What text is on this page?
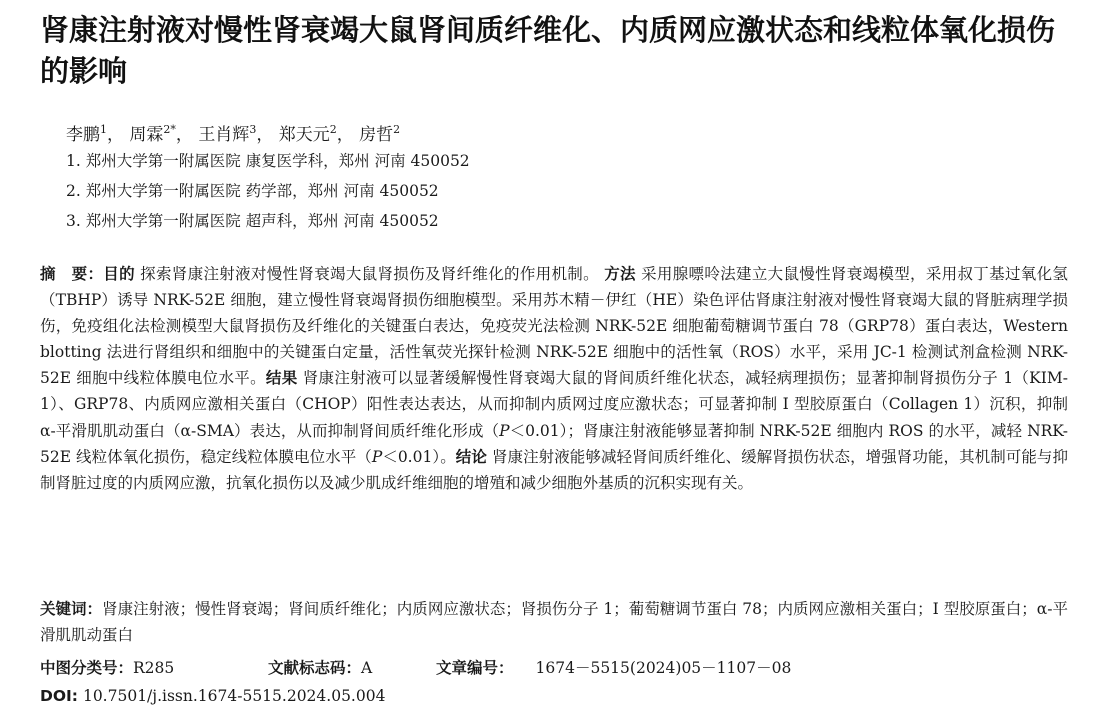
肾康注射液对慢性肾衰竭大鼠肾间质纤维化、内质网应激状态和线粒体氧化损伤的影响
李鹏$^1$， 周霖$^{2*}$， 王肖辉$^3$， 郑天元$^2$， 房哲$^2$
1. 郑州大学第一附属医院 康复医学科，郑州 河南 450052
2. 郑州大学第一附属医院 药学部，郑州 河南 450052
3. 郑州大学第一附属医院 超声科，郑州 河南 450052
摘　要：目的 探索肾康注射液对慢性肾衰竭大鼠肾损伤及肾纤维化的作用机制。 方法 采用腺嘌呤法建立大鼠慢性肾衰竭模型，采用叔丁基过氧化氢（TBHP）诱导 NRK-52E 细胞，建立慢性肾衰竭肾损伤细胞模型。采用苏木精－伊红（HE）染色评估肾康注射液对慢性肾衰竭大鼠的肾脏病理学损伤，免疫组化法检测模型大鼠肾损伤及纤维化的关键蛋白表达，免疫荧光法检测 NRK-52E 细胞葡萄糖调节蛋白 78（GRP78）蛋白表达，Western blotting 法进行肾组织和细胞中的关键蛋白定量，活性氧荧光探针检测 NRK-52E 细胞中的活性氧（ROS）水平，采用 JC-1 检测试剂盒检测 NRK-52E 细胞中线粒体膜电位水平。结果 肾康注射液可以显著缓解慢性肾衰竭大鼠的肾间质纤维化状态，减轻病理损伤；显著抑制肾损伤分子 1（KIM-1）、GRP78、内质网应激相关蛋白（CHOP）阳性表达表达，从而抑制内质网过度应激状态；可显著抑制 I 型胶原蛋白（Collagen 1）沉积，抑制 α-平滑肌肌动蛋白（α-SMA）表达，从而抑制肾间质纤维化形成（P＜0.01）；肾康注射液能够显著抑制 NRK-52E 细胞内 ROS 的水平，减轻 NRK-52E 线粒体氧化损伤，稳定线粒体膜电位水平（P＜0.01）。结论 肾康注射液能够减轻肾间质纤维化、缓解肾损伤状态，增强肾功能，其机制可能与抑制肾脏过度的内质网应激，抗氧化损伤以及减少肌成纤维细胞的增殖和减少细胞外基质的沉积实现有关。
关键词：肾康注射液；慢性肾衰竭；肾间质纤维化；内质网应激状态；肾损伤分子 1；葡萄糖调节蛋白 78；内质网应激相关蛋白；I 型胶原蛋白；α-平滑肌肌动蛋白
中图分类号：R285	文献标志码：A	文章编号： 1674－5515(2024)05－1107－08
DOI: 10.7501/j.issn.1674-5515.2024.05.004
